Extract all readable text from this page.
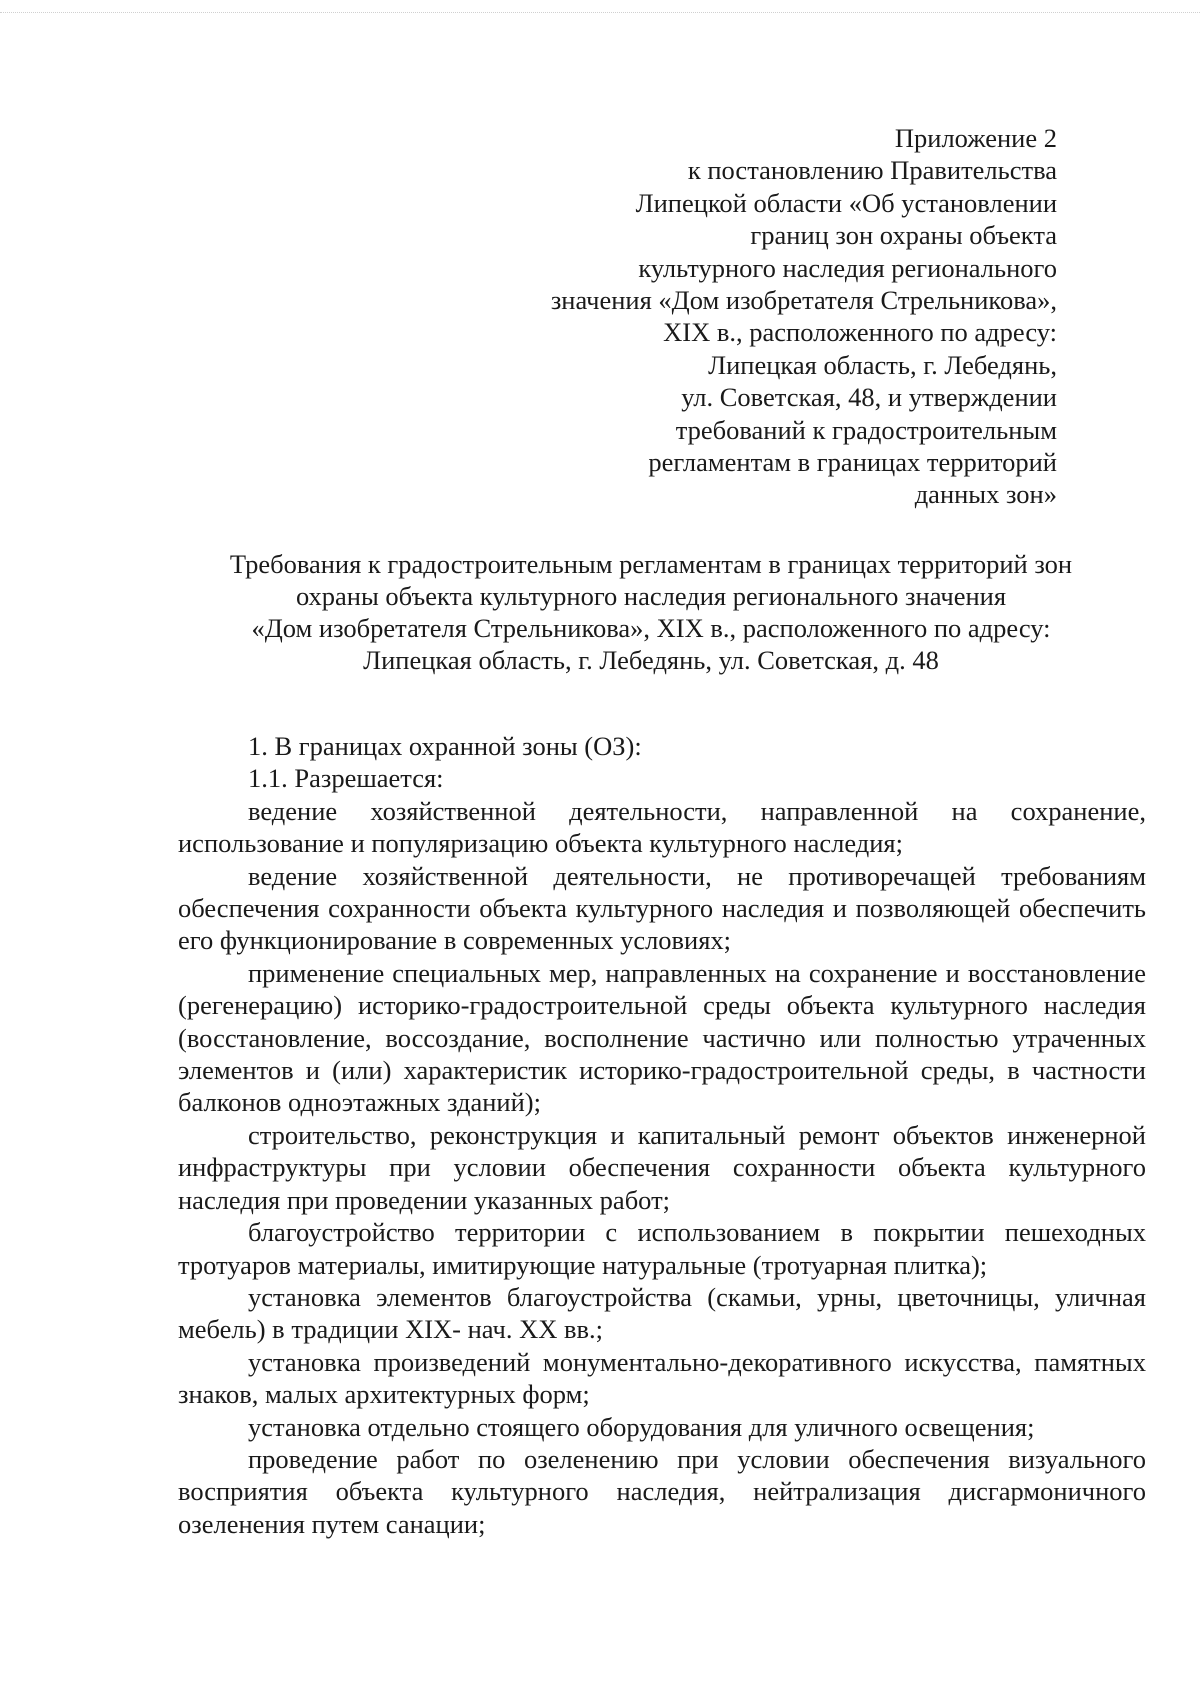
Приложение 2
к постановлению Правительства
Липецкой области «Об установлении
границ зон охраны объекта
культурного наследия регионального
значения «Дом изобретателя Стрельникова»,
XIX в., расположенного по адресу:
Липецкая область, г. Лебедянь,
ул. Советская, 48, и утверждении
требований к градостроительным
регламентам в границах территорий
данных зон»
Требования к градостроительным регламентам в границах территорий зон
охраны объекта культурного наследия регионального значения
«Дом изобретателя Стрельникова», XIX в., расположенного по адресу:
Липецкая область, г. Лебедянь, ул. Советская, д. 48
1. В границах охранной зоны (ОЗ):
1.1. Разрешается:

ведение хозяйственной деятельности, направленной на сохранение, использование и популяризацию объекта культурного наследия;

ведение хозяйственной деятельности, не противоречащей требованиям обеспечения сохранности объекта культурного наследия и позволяющей обеспечить его функционирование в современных условиях;

применение специальных мер, направленных на сохранение и восстановление (регенерацию) историко-градостроительной среды объекта культурного наследия (восстановление, воссоздание, восполнение частично или полностью утраченных элементов и (или) характеристик историко-градостроительной среды, в частности балконов одноэтажных зданий);

строительство, реконструкция и капитальный ремонт объектов инженерной инфраструктуры при условии обеспечения сохранности объекта культурного наследия при проведении указанных работ;

благоустройство территории с использованием в покрытии пешеходных тротуаров материалы, имитирующие натуральные (тротуарная плитка);

установка элементов благоустройства (скамьи, урны, цветочницы, уличная мебель) в традиции XIX- нач. XX вв.;

установка произведений монументально-декоративного искусства, памятных знаков, малых архитектурных форм;

установка отдельно стоящего оборудования для уличного освещения;

проведение работ по озеленению при условии обеспечения визуального восприятия объекта культурного наследия, нейтрализация дисгармоничного озеленения путем санации;
